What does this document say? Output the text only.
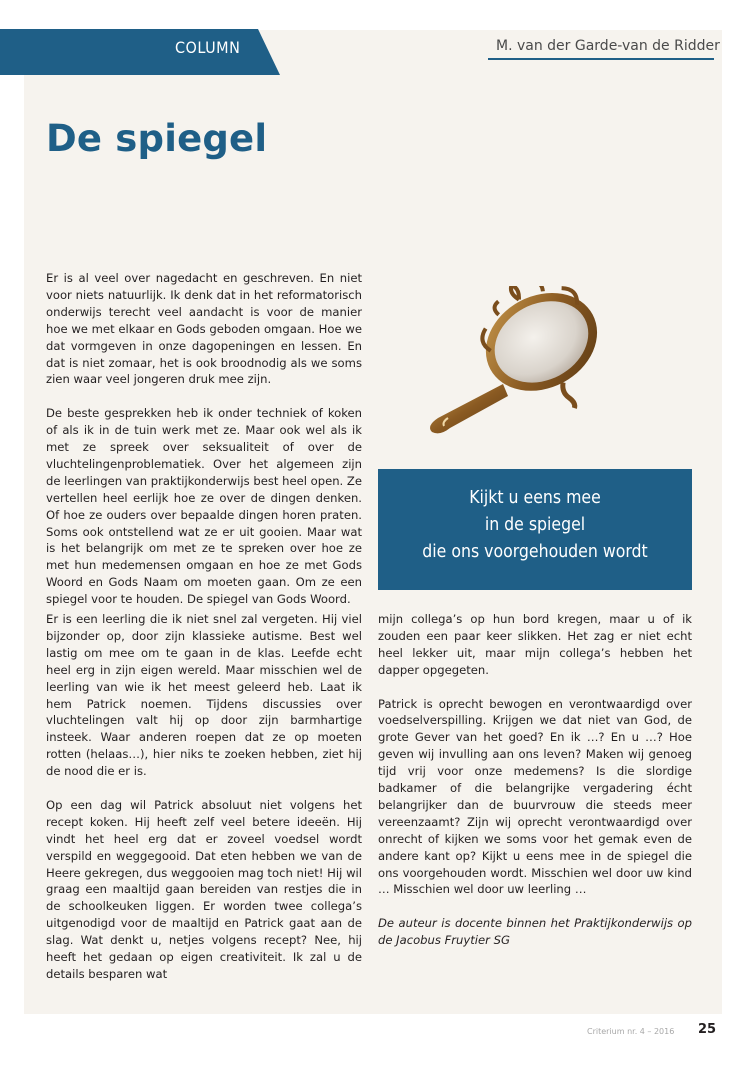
COLUMN	M. van der Garde-van de Ridder
De spiegel

Er is al veel over nagedacht en geschreven. En niet voor niets natuurlijk. Ik denk dat in het reformatorisch onderwijs terecht veel aandacht is voor de manier hoe we met elkaar en Gods geboden omgaan. Hoe we dat vormgeven in onze dagopeningen en lessen. En dat is niet zomaar, het is ook broodnodig als we soms zien waar veel jongeren druk mee zijn.

De beste gesprekken heb ik onder techniek of koken of als ik in de tuin werk met ze. Maar ook wel als ik met ze spreek over seksualiteit of over de vluchtelingenproblematiek. Over het algemeen zijn de leerlingen van praktijkonderwijs best heel open. Ze vertellen heel eerlijk hoe ze over de dingen denken. Of hoe ze ouders over bepaalde dingen horen praten. Soms ook ontstellend wat ze er uit gooien. Maar wat is het belangrijk om met ze te spreken over hoe ze met hun medemensen omgaan en hoe ze met Gods Woord en Gods Naam om moeten gaan. Om ze een spiegel voor te houden. De spiegel van Gods Woord.

Kijkt u eens mee
in de spiegel
die ons voorgehouden wordt

Er is een leerling die ik niet snel zal vergeten. Hij viel bijzonder op, door zijn klassieke autisme. Best wel lastig om mee om te gaan in de klas. Leefde echt heel erg in zijn eigen wereld. Maar misschien wel de leerling van wie ik het meest geleerd heb. Laat ik hem Patrick noemen. Tijdens discussies over vluchtelingen valt hij op door zijn barmhartige insteek. Waar anderen roepen dat ze op moeten rotten (helaas…), hier niks te zoeken hebben, ziet hij de nood die er is.

Op een dag wil Patrick absoluut niet volgens het recept koken. Hij heeft zelf veel betere ideeën. Hij vindt het heel erg dat er zoveel voedsel wordt verspild en weggegooid. Dat eten hebben we van de Heere gekregen, dus weggooien mag toch niet! Hij wil graag een maaltijd gaan bereiden van restjes die in de schoolkeuken liggen. Er worden twee collega’s uitgenodigd voor de maaltijd en Patrick gaat aan de slag. Wat denkt u, netjes volgens recept? Nee, hij heeft het gedaan op eigen creativiteit. Ik zal u de details besparen wat

mijn collega’s op hun bord kregen, maar u of ik zouden een paar keer slikken. Het zag er niet echt heel lekker uit, maar mijn collega’s hebben het dapper opgegeten.

Patrick is oprecht bewogen en verontwaardigd over voedselverspilling. Krijgen we dat niet van God, de grote Gever van het goed? En ik …? En u …? Hoe geven wij invulling aan ons leven? Maken wij genoeg tijd vrij voor onze medemens? Is die slordige badkamer of die belangrijke vergadering écht belangrijker dan de buurvrouw die steeds meer vereenzaamt? Zijn wij oprecht verontwaardigd over onrecht of kijken we soms voor het gemak even de andere kant op? Kijkt u eens mee in de spiegel die ons voorgehouden wordt. Misschien wel door uw kind … Misschien wel door uw leerling …

De auteur is docente binnen het Praktijkonderwijs op de Jacobus Fruytier SG

Criterium nr. 4 – 2016 25
